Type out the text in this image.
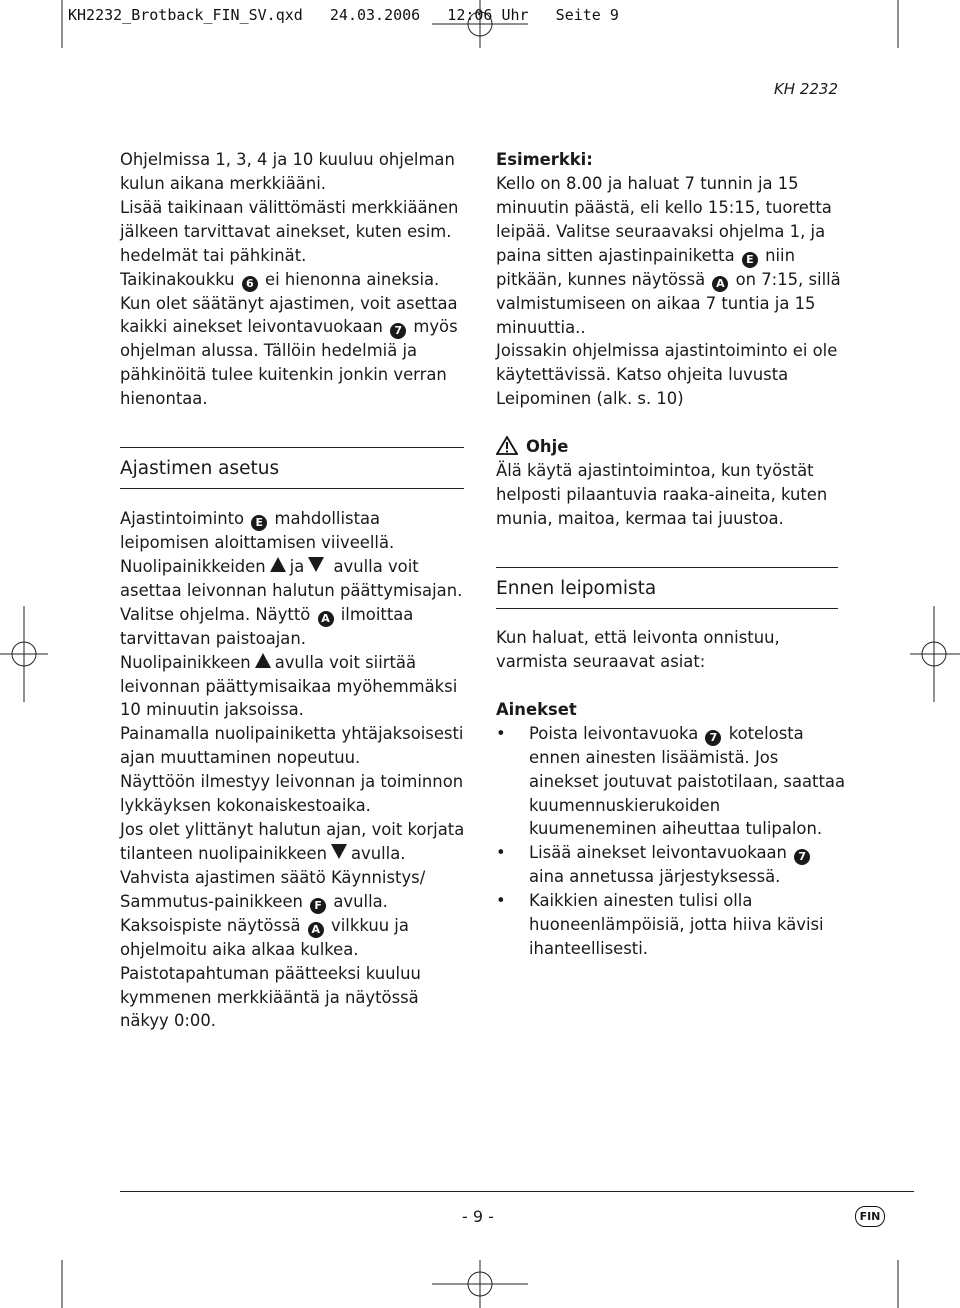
KH2232_Brotback_FIN_SV.qxd   24.03.2006   12:06 Uhr   Seite 9
KH 2232

Ohjelmissa 1, 3, 4 ja 10 kuuluu ohjelman kulun aikana merkkiääni.

Lisää taikinaan välittömästi merkkiäänen jälkeen tarvittavat ainekset, kuten esim. hedelmät tai pähkinät.

Taikinakoukku 6 ei hienonna aineksia.

Kun olet säätänyt ajastimen, voit asettaa kaikki ainekset leivontavuokaan 7 myös ohjelman alussa. Tällöin hedelmiä ja pähkinöitä tulee kuitenkin jonkin verran hienontaa.

Ajastimen asetus

Ajastintoiminto E mahdollistaa leipomisen aloittamisen viiveellä.

Nuolipainikkeiden ja avulla voit asettaa leivonnan halutun päättymisajan.

Valitse ohjelma. Näyttö A ilmoittaa tarvittavan paistoajan.

Nuolipainikkeen avulla voit siirtää leivonnan päättymisaikaa myöhemmäksi 10 minuutin jaksoissa.

Painamalla nuolipainiketta yhtäjaksoisesti ajan muuttaminen nopeutuu.

Näyttöön ilmestyy leivonnan ja toiminnon lykkäyksen kokonaiskestoaika.

Jos olet ylittänyt halutun ajan, voit korjata tilanteen nuolipainikkeen avulla.

Vahvista ajastimen säätö Käynnistys/ Sammutus-painikkeen F avulla.

Kaksoispiste näytössä A vilkkuu ja ohjelmoitu aika alkaa kulkea.

Paistotapahtuman päätteeksi kuuluu kymmenen merkkiääntä ja näytössä näkyy 0:00.

Esimerkki:

Kello on 8.00 ja haluat 7 tunnin ja 15 minuutin päästä, eli kello 15:15, tuoretta leipää. Valitse seuraavaksi ohjelma 1, ja paina sitten ajastinpainiketta E niin pitkään, kunnes näytössä A on 7:15, sillä valmistumiseen on aikaa 7 tuntia ja 15 minuuttia..

Joissakin ohjelmissa ajastintoiminto ei ole käytettävissä. Katso ohjeita luvusta Leipominen (alk. s. 10)

Ohje

Älä käytä ajastintoimintoa, kun työstät helposti pilaantuvia raaka-aineita, kuten munia, maitoa, kermaa tai juustoa.

Ennen leipomista

Kun haluat, että leivonta onnistuu, varmista seuraavat asiat:

Ainekset

• Poista leivontavuoka 7 kotelosta ennen ainesten lisäämistä. Jos ainekset joutuvat paistotilaan, saattaa kuumennuskierukoiden kuumeneminen aiheuttaa tulipalon.
• Lisää ainekset leivontavuokaan 7 aina annetussa järjestyksessä.
• Kaikkien ainesten tulisi olla huoneenlämpöisiä, jotta hiiva kävisi ihanteellisesti.
- 9 -	FIN
